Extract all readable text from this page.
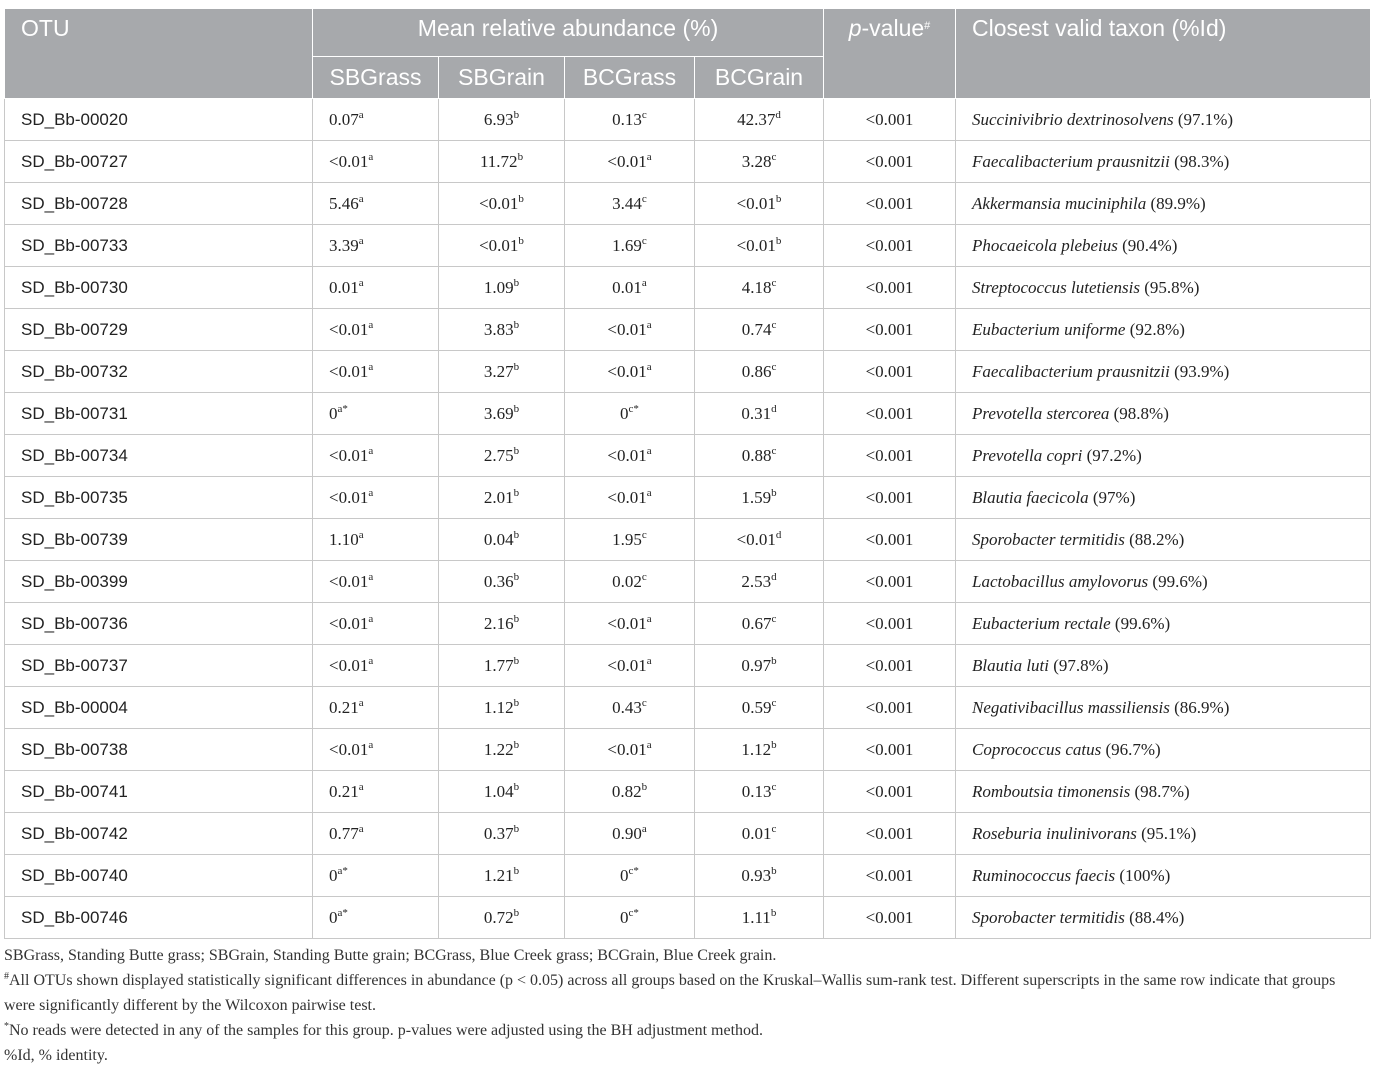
OTU	Mean relative abundance (%)				p-value#	Closest valid taxon (%Id)
	SBGrass	SBGrain	BCGrass	BCGrain		
SD_Bb-00020	0.07$^a$	6.93$^b$	0.13$^c$	42.37$^d$	<0.001	Succinivibrio dextrinosolvens (97.1%)
SD_Bb-00727	<0.01$^a$	11.72$^b$	<0.01$^a$	3.28$^c$	<0.001	Faecalibacterium prausnitzii (98.3%)
SD_Bb-00728	5.46$^a$	<0.01$^b$	3.44$^c$	<0.01$^b$	<0.001	Akkermansia muciniphila (89.9%)
SD_Bb-00733	3.39$^a$	<0.01$^b$	1.69$^c$	<0.01$^b$	<0.001	Phocaeicola plebeius (90.4%)
SD_Bb-00730	0.01$^a$	1.09$^b$	0.01$^a$	4.18$^c$	<0.001	Streptococcus lutetiensis (95.8%)
SD_Bb-00729	<0.01$^a$	3.83$^b$	<0.01$^a$	0.74$^c$	<0.001	Eubacterium uniforme (92.8%)
SD_Bb-00732	<0.01$^a$	3.27$^b$	<0.01$^a$	0.86$^c$	<0.001	Faecalibacterium prausnitzii (93.9%)
SD_Bb-00731	$0^{a*}$	3.69$^b$	$0^{c*}$	0.31$^d$	<0.001	Prevotella stercorea (98.8%)
SD_Bb-00734	<0.01$^a$	2.75$^b$	<0.01$^a$	0.88$^c$	<0.001	Prevotella copri (97.2%)
SD_Bb-00735	<0.01$^a$	2.01$^b$	<0.01$^a$	1.59$^b$	<0.001	Blautia faecicola (97%)
SD_Bb-00739	1.10$^a$	0.04$^b$	1.95$^c$	<0.01$^d$	<0.001	Sporobacter termitidis (88.2%)
SD_Bb-00399	<0.01$^a$	0.36$^b$	0.02$^c$	2.53$^d$	<0.001	Lactobacillus amylovorus (99.6%)
SD_Bb-00736	<0.01$^a$	2.16$^b$	<0.01$^a$	0.67$^c$	<0.001	Eubacterium rectale (99.6%)
SD_Bb-00737	<0.01$^a$	1.77$^b$	<0.01$^a$	0.97$^b$	<0.001	Blautia luti (97.8%)
SD_Bb-00004	0.21$^a$	1.12$^b$	0.43$^c$	0.59$^c$	<0.001	Negativibacillus massiliensis (86.9%)
SD_Bb-00738	<0.01$^a$	1.22$^b$	<0.01$^a$	1.12$^b$	<0.001	Coprococcus catus (96.7%)
SD_Bb-00741	0.21$^a$	1.04$^b$	0.82$^b$	0.13$^c$	<0.001	Romboutsia timonensis (98.7%)
SD_Bb-00742	0.77$^a$	0.37$^b$	0.90$^a$	0.01$^c$	<0.001	Roseburia inulinivorans (95.1%)
SD_Bb-00740	$0^{a*}$	1.21$^b$	$0^{c*}$	0.93$^b$	<0.001	Ruminococcus faecis (100%)
SD_Bb-00746	$0^{a*}$	0.72$^b$	$0^{c*}$	1.11$^b$	<0.001	Sporobacter termitidis (88.4%)

SBGrass, Standing Butte grass; SBGrain, Standing Butte grain; BCGrass, Blue Creek grass; BCGrain, Blue Creek grain.

#All OTUs shown displayed statistically significant differences in abundance (p < 0.05) across all groups based on the Kruskal–Wallis sum-rank test. Different superscripts in the same row indicate that groups were significantly different by the Wilcoxon pairwise test.

*No reads were detected in any of the samples for this group. p-values were adjusted using the BH adjustment method.

%Id, % identity.
